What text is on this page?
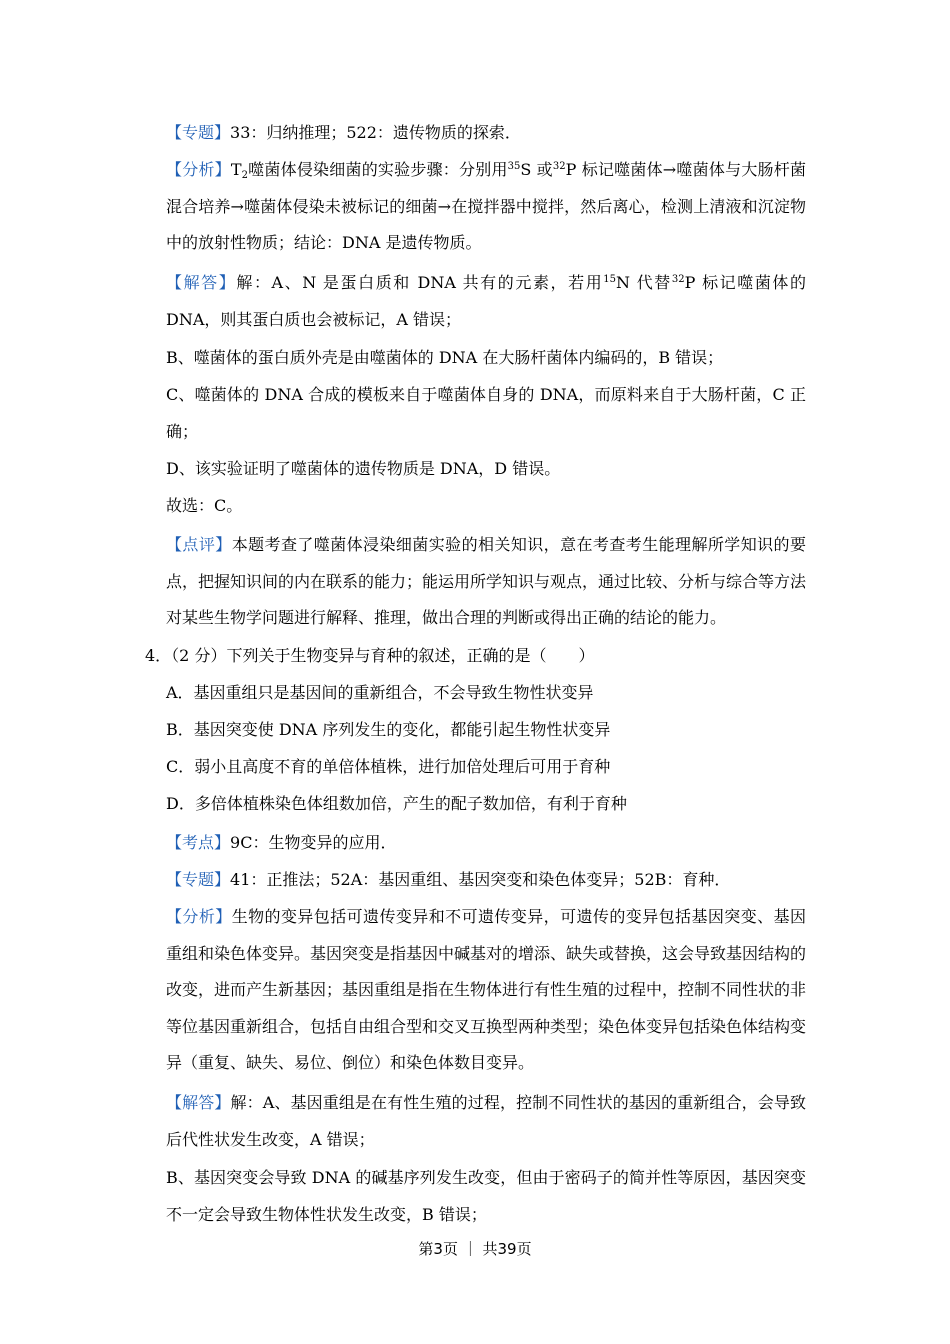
【专题】33：归纳推理；522：遗传物质的探索．

【分析】$T_2$噬菌体侵染细菌的实验步骤：分别用$^{35}$S 或$^{32}$P 标记噬菌体→噬菌体与大肠杆菌混合培养→噬菌体侵染未被标记的细菌→在搅拌器中搅拌，然后离心，检测上清液和沉淀物中的放射性物质；结论：DNA 是遗传物质。

【解答】解：A、N 是蛋白质和 DNA 共有的元素，若用$^{15}$N 代替$^{32}$P 标记噬菌体的 DNA，则其蛋白质也会被标记，A 错误；

B、噬菌体的蛋白质外壳是由噬菌体的 DNA 在大肠杆菌体内编码的，B 错误；

C、噬菌体的 DNA 合成的模板来自于噬菌体自身的 DNA，而原料来自于大肠杆菌，C 正确；

D、该实验证明了噬菌体的遗传物质是 DNA，D 错误。

故选：C。

【点评】本题考查了噬菌体浸染细菌实验的相关知识，意在考查考生能理解所学知识的要点，把握知识间的内在联系的能力；能运用所学知识与观点，通过比较、分析与综合等方法对某些生物学问题进行解释、推理，做出合理的判断或得出正确的结论的能力。

4．（2 分）下列关于生物变异与育种的叙述，正确的是（　　）

A．基因重组只是基因间的重新组合，不会导致生物性状变异

B．基因突变使 DNA 序列发生的变化，都能引起生物性状变异

C．弱小且高度不育的单倍体植株，进行加倍处理后可用于育种

D．多倍体植株染色体组数加倍，产生的配子数加倍，有利于育种

【考点】9C：生物变异的应用．

【专题】41：正推法；52A：基因重组、基因突变和染色体变异；52B：育种．

【分析】生物的变异包括可遗传变异和不可遗传变异，可遗传的变异包括基因突变、基因重组和染色体变异。基因突变是指基因中碱基对的增添、缺失或替换，这会导致基因结构的改变，进而产生新基因；基因重组是指在生物体进行有性生殖的过程中，控制不同性状的非等位基因重新组合，包括自由组合型和交叉互换型两种类型；染色体变异包括染色体结构变异（重复、缺失、易位、倒位）和染色体数目变异。

【解答】解：A、基因重组是在有性生殖的过程，控制不同性状的基因的重新组合，会导致后代性状发生改变，A 错误；

B、基因突变会导致 DNA 的碱基序列发生改变，但由于密码子的简并性等原因，基因突变不一定会导致生物体性状发生改变，B 错误；

第3页 ｜ 共39页
